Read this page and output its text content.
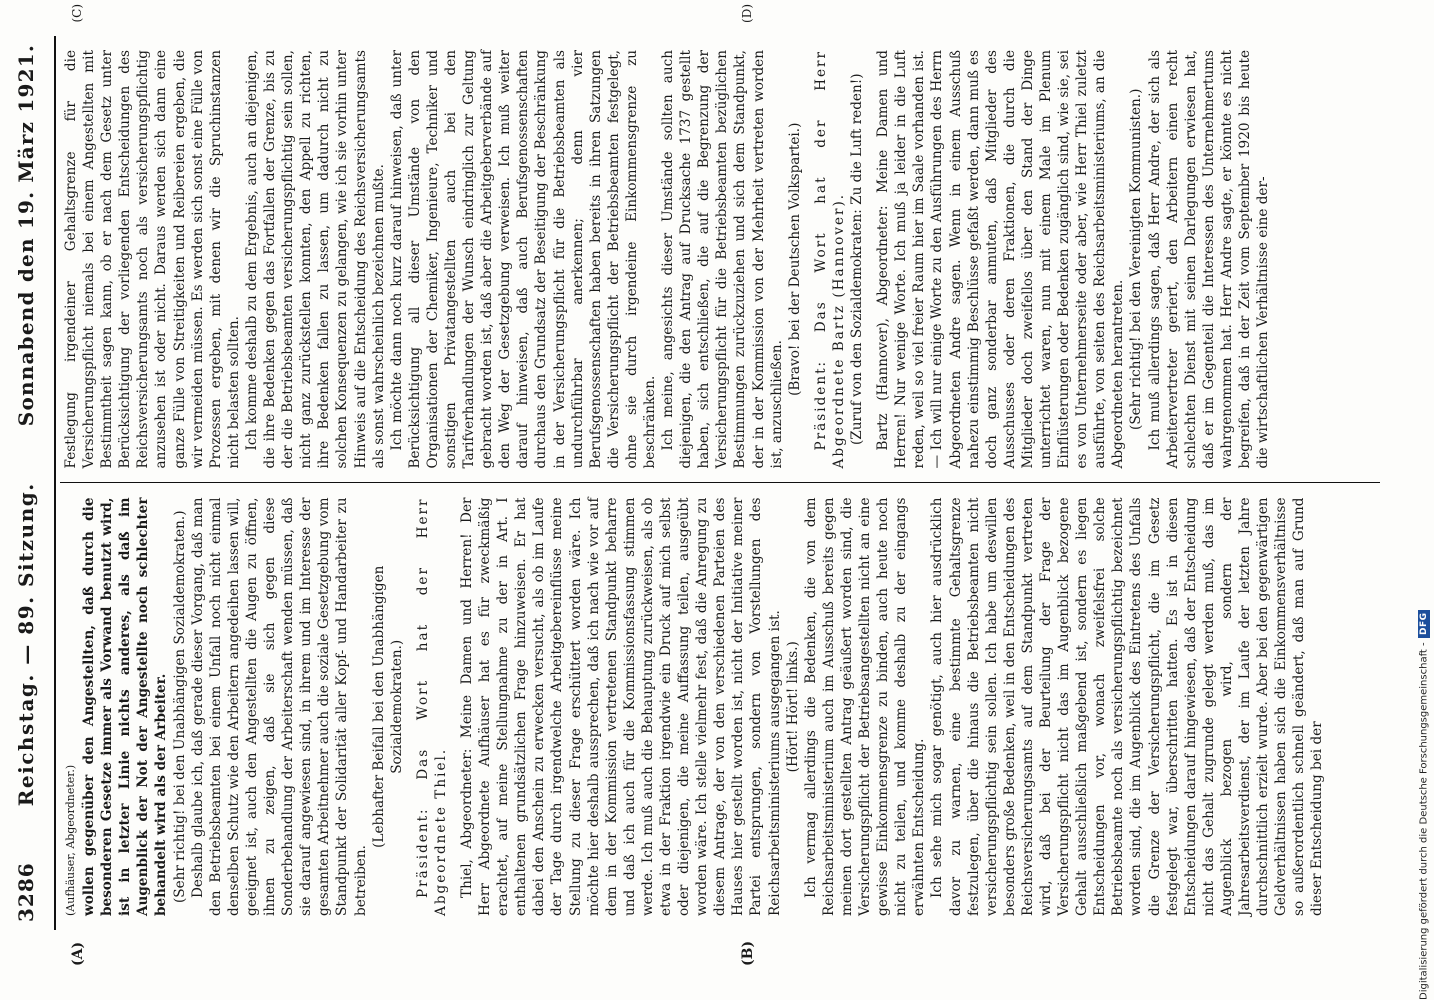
3286
Reichstag. — 89. Sitzung.
Sonnabend den 19. März 1921.
(A)	(B)
(C)	(D)

(Aufhäuser, Abgeordneter.) wollen gegenüber den Angestellten, daß durch die besonderen Gesetze immer als Vorwand benutzt wird, ist in letzter Linie nichts anderes, als daß im Augenblick der Not der Angestellte noch schlechter behandelt wird als der Arbeiter. (Sehr richtig! bei den Unabhängigen Sozialdemokraten.) Deshalb glaube ich, daß gerade dieser Vorgang, daß man den Betriebsbeamten bei einem Unfall noch nicht einmal denselben Schutz wie den Arbeitern angedeihen lassen will, geeignet ist, auch den Angestellten die Augen zu öffnen, ihnen zu zeigen, daß sie sich gegen diese Sonderbehandlung der Arbeiterschaft wenden müssen, daß sie darauf angewiesen sind, in ihrem und im Interesse der gesamten Arbeitnehmer auch die soziale Gesetzgebung vom Standpunkt der Solidarität aller Kopf- und Handarbeiter zu betreiben.

(Lebhafter Beifall bei den Unabhängigen Sozialdemokraten.) Präsident: Das Wort hat der Herr Abgeordnete Thiel. Thiel, Abgeordneter: Meine Damen und Herren! Der Herr Abgeordnete Aufhäuser hat es für zweckmäßig erachtet, auf meine Stellungnahme zu der in Art. I enthaltenen grundsätzlichen Frage hinzuweisen. Er hat dabei den Anschein zu erwecken versucht, als ob im Laufe der Tage durch irgendwelche Arbeitgebereinflüsse meine Stellung zu dieser Frage erschüttert worden wäre. Ich möchte hier deshalb aussprechen, daß ich nach wie vor auf dem in der Kommission vertretenen Standpunkt beharre und daß ich auch für die Kommissionsfassung stimmen werde. Ich muß auch die Behauptung zurückweisen, als ob etwa in der Fraktion irgendwie ein Druck auf mich selbst oder diejenigen, die meine Auffassung teilen, ausgeübt worden wäre. Ich stelle vielmehr fest, daß die Anregung zu diesem Antrage, der von den verschiedenen Parteien des Hauses hier gestellt worden ist, nicht der Initiative meiner Partei entsprungen, sondern von Vorstellungen des Reichsarbeitsministeriums ausgegangen ist. (Hört! Hört! links.) Ich vermag allerdings die Bedenken, die von dem Reichsarbeitsministerium auch im Ausschuß bereits gegen meinen dort gestellten Antrag geäußert worden sind, die Versicherungspflicht der Betriebsangestellten nicht an eine gewisse Einkommensgrenze zu binden, auch heute noch nicht zu teilen, und komme deshalb zu der eingangs erwähnten Entscheidung. Ich sehe mich sogar genötigt, auch hier ausdrücklich davor zu warnen, eine bestimmte Gehaltsgrenze festzulegen, über die hinaus die Betriebsbeamten nicht versicherungspflichtig sein sollen. Ich habe um deswillen besonders große Bedenken, weil in den Entscheidungen des Reichsversicherungsamts auf dem Standpunkt vertreten wird, daß bei der Beurteilung der Frage der Versicherungspflicht nicht das im Augenblick bezogene Gehalt ausschließlich maßgebend ist, sondern es liegen Entscheidungen vor, wonach zweifelsfrei solche Betriebsbeamte noch als versicherungspflichtig bezeichnet worden sind, die im Augenblick des Eintretens des Unfalls die Grenze der Versicherungspflicht, die im Gesetz festgelegt war, überschritten hatten. Es ist in diesen Entscheidungen darauf hingewiesen, daß der Entscheidung nicht das Gehalt zugrunde gelegt werden muß, das im Augenblick bezogen wird, sondern der Jahresarbeitsverdienst, der im Laufe der letzten Jahre durchschnittlich erzielt wurde. Aber bei den gegenwärtigen Geldverhältnissen haben sich die Einkommensverhältnisse so außerordentlich schnell geändert, daß man auf Grund dieser Entscheidung bei der

Festlegung irgendeiner Gehaltsgrenze für die Versicherungspflicht niemals bei einem Angestellten mit Bestimmtheit sagen kann, ob er nach dem Gesetz unter Berücksichtigung der vorliegenden Entscheidungen des Reichsversicherungsamts noch als versicherungspflichtig anzusehen ist oder nicht. Daraus werden sich dann eine ganze Fülle von Streitigkeiten und Reibereien ergeben, die wir vermeiden müssen. Es werden sich sonst eine Fülle von Prozessen ergeben, mit denen wir die Spruchinstanzen nicht belasten sollten. Ich komme deshalb zu dem Ergebnis, auch an diejenigen, die ihre Bedenken gegen das Fortfallen der Grenze, bis zu der die Betriebsbeamten versicherungspflichtig sein sollen, nicht ganz zurückstellen konnten, den Appell zu richten, ihre Bedenken fallen zu lassen, um dadurch nicht zu solchen Konsequenzen zu gelangen, wie ich sie vorhin unter Hinweis auf die Entscheidung des Reichsversicherungsamts als sonst wahrscheinlich bezeichnen mußte. Ich möchte dann noch kurz darauf hinweisen, daß unter Berücksichtigung all dieser Umstände von den Organisationen der Chemiker, Ingenieure, Techniker und sonstigen Privatangestellten auch bei den Tarifverhandlungen der Wunsch eindringlich zur Geltung gebracht worden ist, daß aber die Arbeitgeberverbände auf den Weg der Gesetzgebung verweisen. Ich muß weiter darauf hinweisen, daß auch Berufsgenossenschaften durchaus den Grundsatz der Beseitigung der Beschränkung in der Versicherungspflicht für die Betriebsbeamten als undurchführbar anerkennen; denn vier Berufsgenossenschaften haben bereits in ihren Satzungen die Versicherungspflicht der Betriebsbeamten festgelegt, ohne sie durch irgendeine Einkommensgrenze zu beschränken. Ich meine, angesichts dieser Umstände sollten auch diejenigen, die den Antrag auf Drucksache 1737 gestellt haben, sich entschließen, die auf die Begrenzung der Versicherungspflicht für die Betriebsbeamten bezüglichen Bestimmungen zurückzuziehen und sich dem Standpunkt, der in der Kommission von der Mehrheit vertreten worden ist, anzuschließen.

(Bravo! bei der Deutschen Volkspartei.) Präsident: Das Wort hat der Herr Abgeordnete Bartz (Hannover). (Zuruf von den Sozialdemokraten: Zu die Luft reden!) Bartz (Hannover), Abgeordneter: Meine Damen und Herren! Nur wenige Worte. Ich muß ja leider in die Luft reden, weil so viel freier Raum hier im Saale vorhanden ist. — Ich will nur einige Worte zu den Ausführungen des Herrn Abgeordneten Andre sagen. Wenn in einem Ausschuß nahezu einstimmig Beschlüsse gefaßt werden, dann muß es doch ganz sonderbar anmuten, daß Mitglieder des Ausschusses oder deren Fraktionen, die durch die Mitglieder doch zweifellos über den Stand der Dinge unterrichtet waren, nun mit einem Male im Plenum Einflüsterungen oder Bedenken zugänglich sind, wie sie, sei es von Unternehmerseite oder aber, wie Herr Thiel zuletzt ausführte, von seiten des Reichsarbeitsministeriums, an die Abgeordneten herantreten. (Sehr richtig! bei den Vereinigten Kommunisten.) Ich muß allerdings sagen, daß Herr Andre, der sich als Arbeitervertreter geriert, den Arbeitern einen recht schlechten Dienst mit seinen Darlegungen erwiesen hat, daß er im Gegenteil die Interessen des Unternehmertums wahrgenommen hat. Herr Andre sagte, er könnte es nicht begreifen, daß in der Zeit vom September 1920 bis heute die wirtschaftlichen Verhältnisse eine der-

Digitalisierung gefördert durch die Deutsche Forschungsgemeinschaft -
DFG
